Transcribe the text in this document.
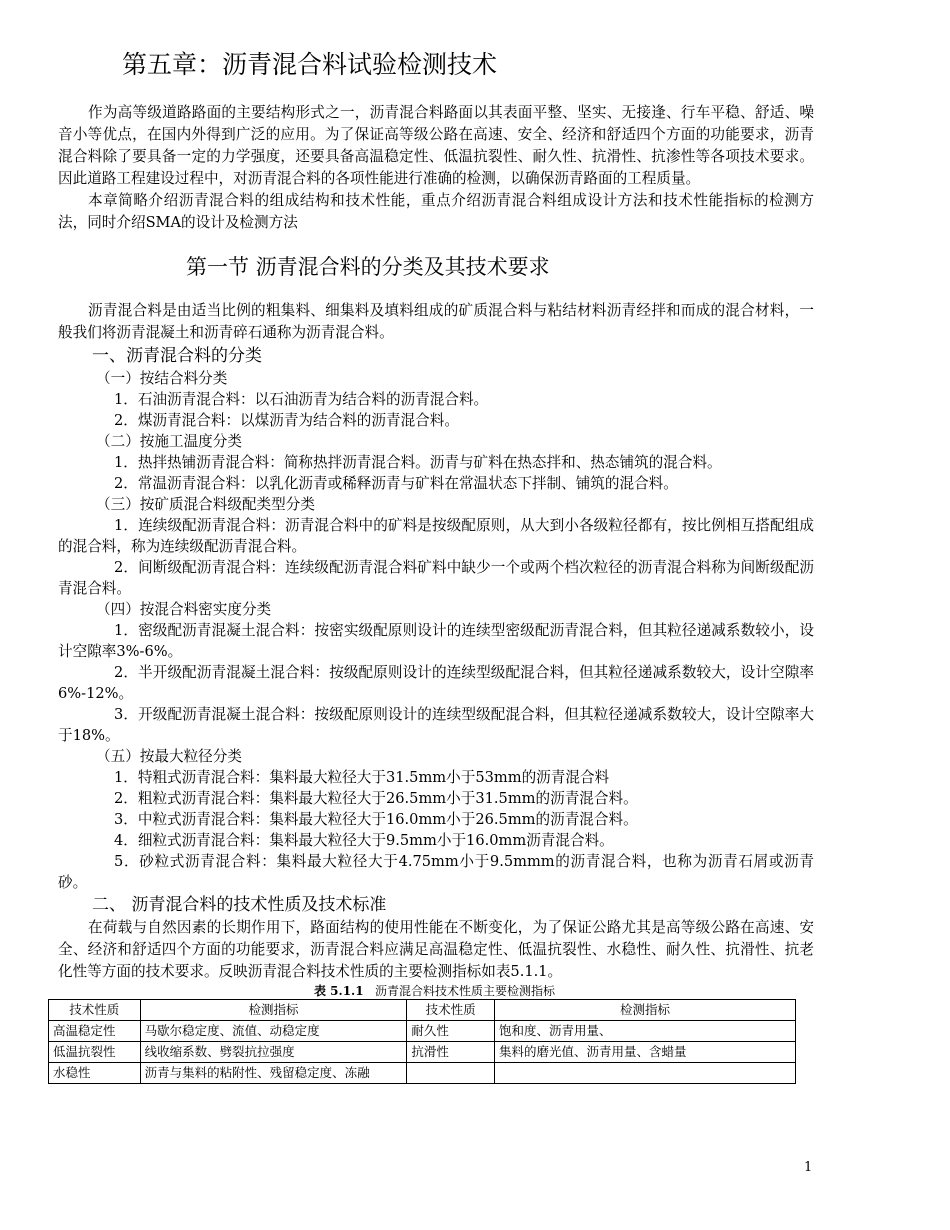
第五章：沥青混合料试验检测技术

作为高等级道路路面的主要结构形式之一，沥青混合料路面以其表面平整、坚实、无接逢、行车平稳、舒适、噪音小等优点，在国内外得到广泛的应用。为了保证高等级公路在高速、安全、经济和舒适四个方面的功能要求，沥青混合料除了要具备一定的力学强度，还要具备高温稳定性、低温抗裂性、耐久性、抗滑性、抗渗性等各项技术要求。因此道路工程建设过程中，对沥青混合料的各项性能进行准确的检测，以确保沥青路面的工程质量。

本章简略介绍沥青混合料的组成结构和技术性能，重点介绍沥青混合料组成设计方法和技术性能指标的检测方法，同时介绍SMA的设计及检测方法

第一节 沥青混合料的分类及其技术要求

沥青混合料是由适当比例的粗集料、细集料及填料组成的矿质混合料与粘结材料沥青经拌和而成的混合材料，一般我们将沥青混凝土和沥青碎石通称为沥青混合料。

一、沥青混合料的分类

（一）按结合料分类

1．石油沥青混合料：以石油沥青为结合料的沥青混合料。

2．煤沥青混合料：以煤沥青为结合料的沥青混合料。

（二）按施工温度分类

1．热拌热铺沥青混合料：简称热拌沥青混合料。沥青与矿料在热态拌和、热态铺筑的混合料。

2．常温沥青混合料：以乳化沥青或稀释沥青与矿料在常温状态下拌制、铺筑的混合料。

（三）按矿质混合料级配类型分类

1．连续级配沥青混合料：沥青混合料中的矿料是按级配原则，从大到小各级粒径都有，按比例相互搭配组成的混合料，称为连续级配沥青混合料。

2．间断级配沥青混合料：连续级配沥青混合料矿料中缺少一个或两个档次粒径的沥青混合料称为间断级配沥青混合料。

（四）按混合料密实度分类

1．密级配沥青混凝土混合料：按密实级配原则设计的连续型密级配沥青混合料，但其粒径递减系数较小，设计空隙率3%-6%。

2．半开级配沥青混凝土混合料：按级配原则设计的连续型级配混合料，但其粒径递减系数较大，设计空隙率6%-12%。

3．开级配沥青混凝土混合料：按级配原则设计的连续型级配混合料，但其粒径递减系数较大，设计空隙率大于18%。

（五）按最大粒径分类

1．特粗式沥青混合料：集料最大粒径大于31.5mm小于53mm的沥青混合料

2．粗粒式沥青混合料：集料最大粒径大于26.5mm小于31.5mm的沥青混合料。

3．中粒式沥青混合料：集料最大粒径大于16.0mm小于26.5mm的沥青混合料。

4．细粒式沥青混合料：集料最大粒径大于9.5mm小于16.0mm沥青混合料。

5．砂粒式沥青混合料：集料最大粒径大于4.75mm小于9.5mmm的沥青混合料，也称为沥青石屑或沥青砂。

二、 沥青混合料的技术性质及技术标准

在荷载与自然因素的长期作用下，路面结构的使用性能在不断变化，为了保证公路尤其是高等级公路在高速、安全、经济和舒适四个方面的功能要求，沥青混合料应满足高温稳定性、低温抗裂性、水稳性、耐久性、抗滑性、抗老化性等方面的技术要求。反映沥青混合料技术性质的主要检测指标如表5.1.1。

表 5.1.1 沥青混合料技术性质主要检测指标

技术性质	检测指标	技术性质	检测指标
高温稳定性	马歇尔稳定度、流值、动稳定度	耐久性	饱和度、沥青用量、
低温抗裂性	线收缩系数、劈裂抗拉强度	抗滑性	集料的磨光值、沥青用量、含蜡量
水稳性	沥青与集料的粘附性、残留稳定度、冻融		
1
